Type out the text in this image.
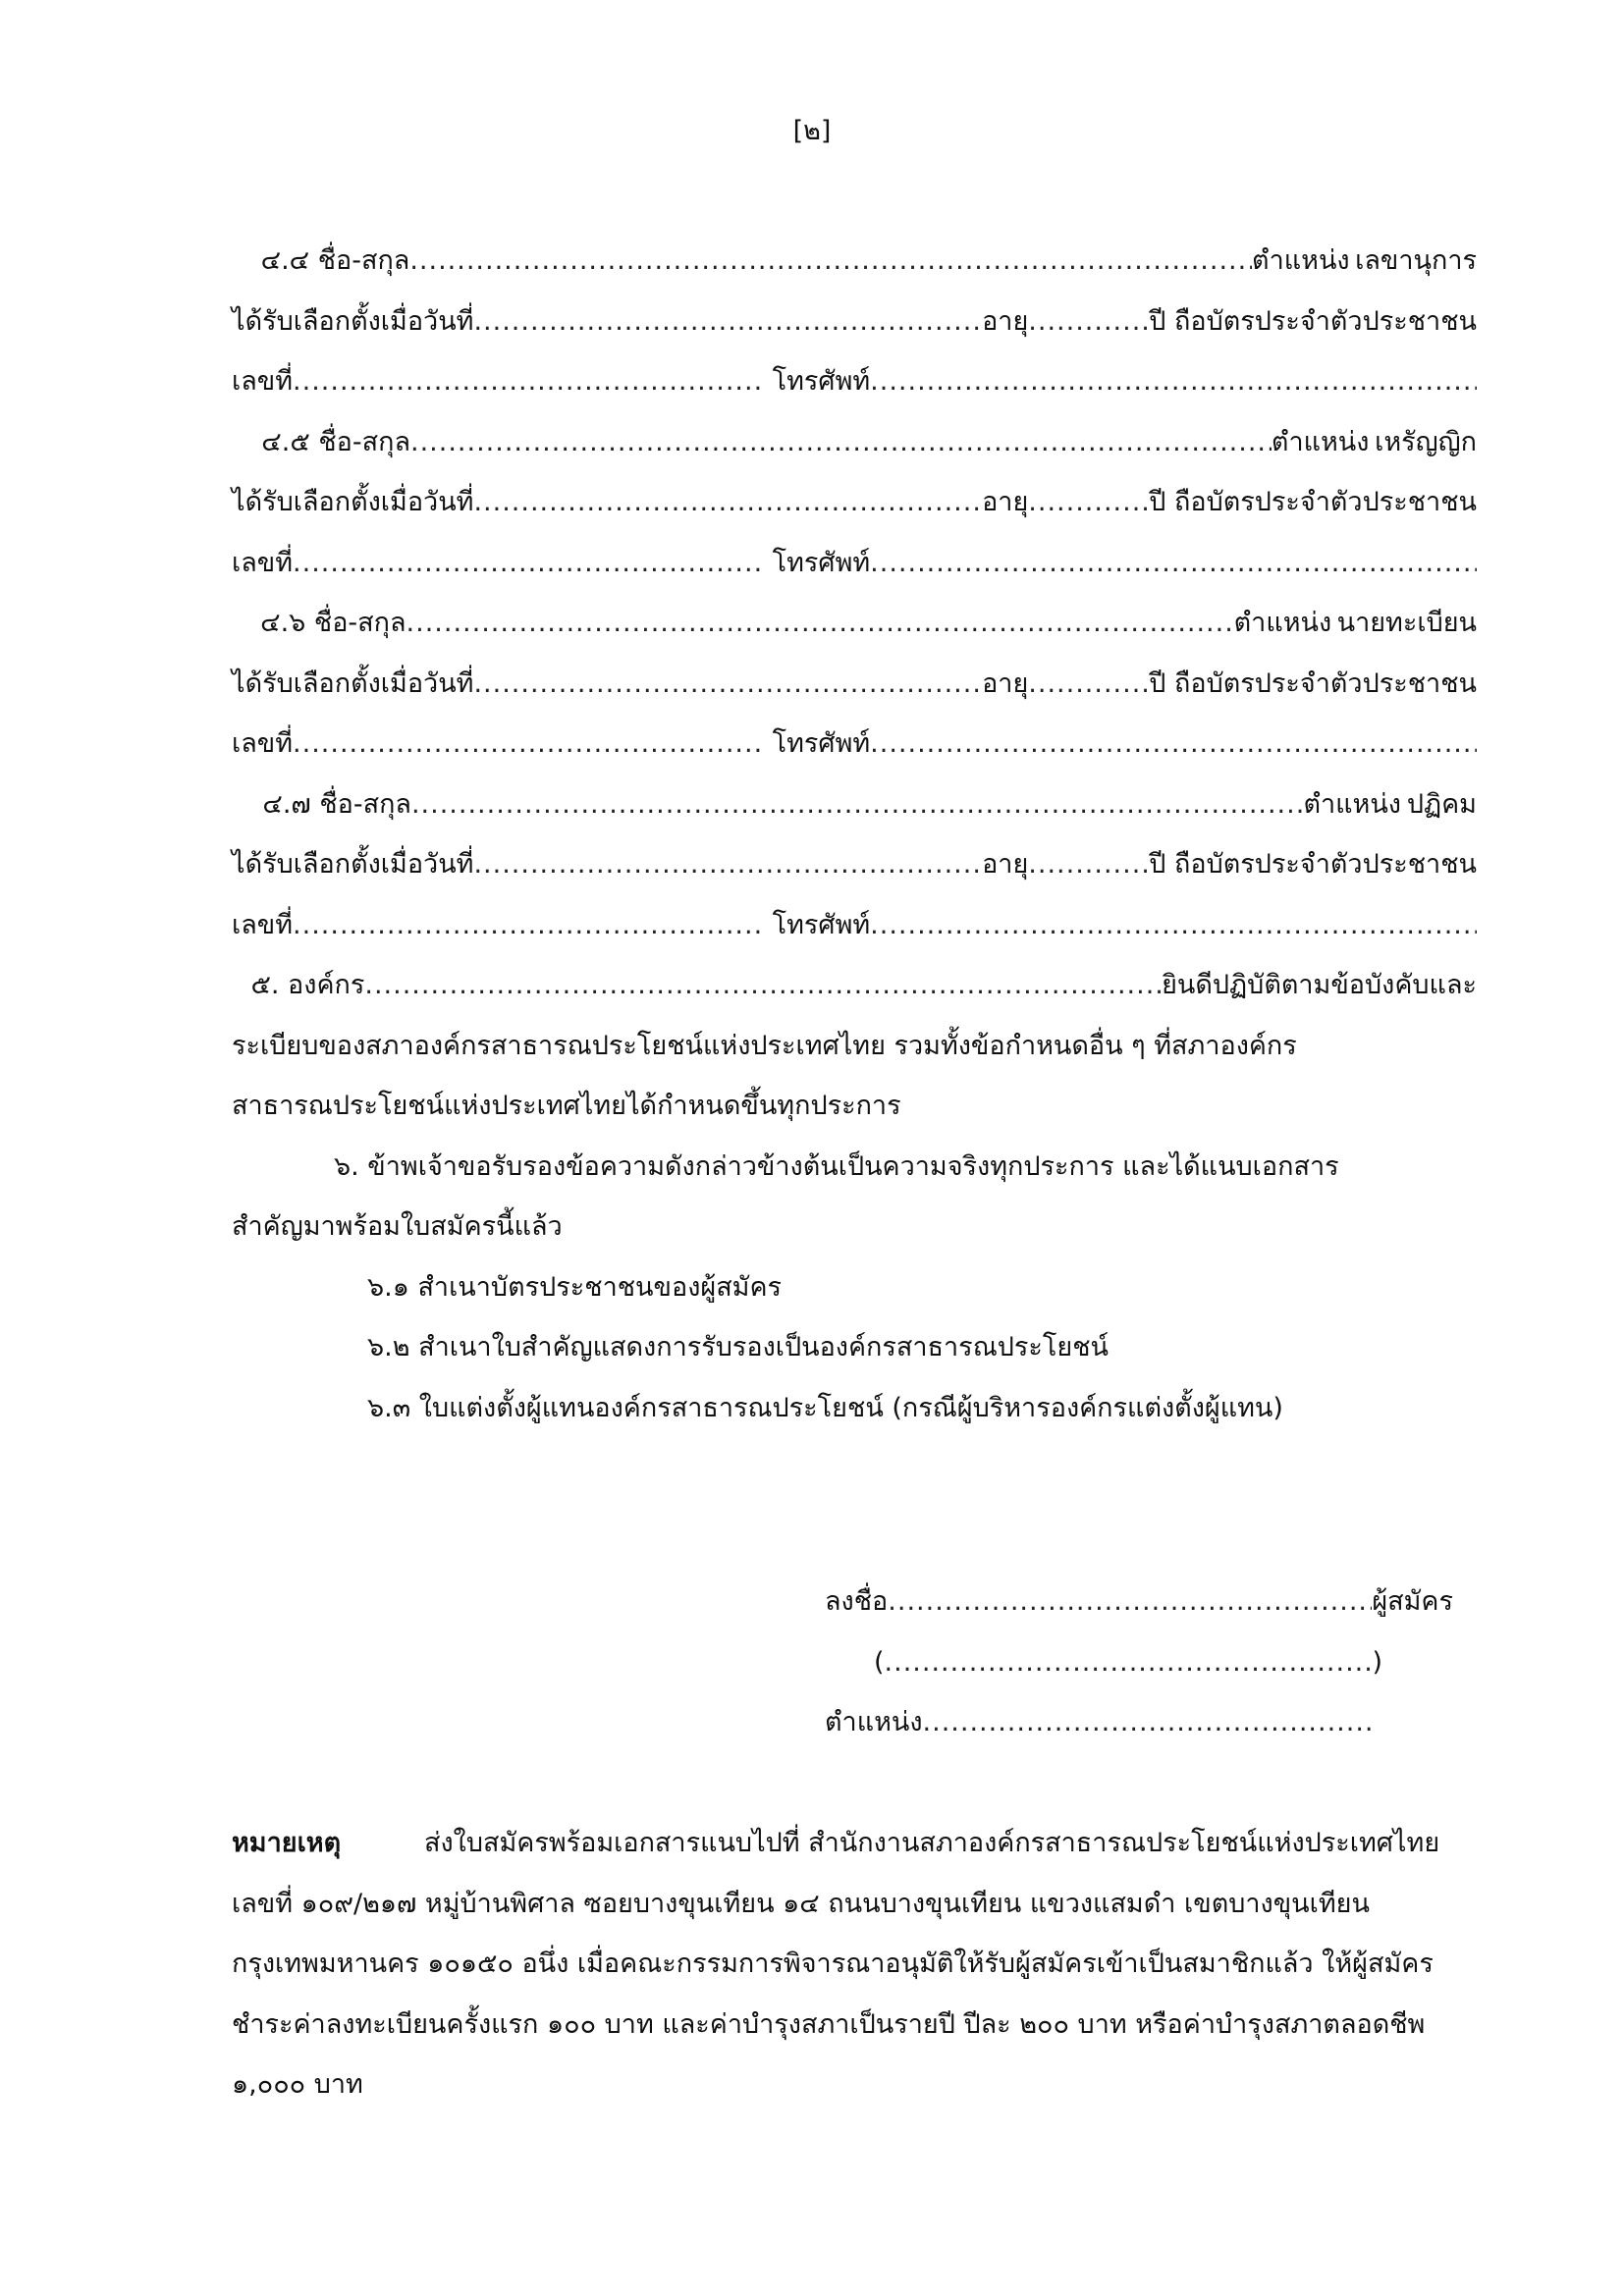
[๒]
๔.๔
ชื่อ-สกุล .....	ตำแหน่ง เลขานุการ
ได้รับเลือกตั้งเมื่อวันที่ .....	อายุ .....	ปี ถือบัตรประจำตัวประชาชน
เลขที่ .....
	โทรศัพท์
.....
๔.๕
ชื่อ-สกุล .....	ตำแหน่ง เหรัญญิก
ได้รับเลือกตั้งเมื่อวันที่ .....	อายุ .....	ปี ถือบัตรประจำตัวประชาชน
เลขที่ .....
	โทรศัพท์
.....
๔.๖
ชื่อ-สกุล .....	ตำแหน่ง นายทะเบียน
ได้รับเลือกตั้งเมื่อวันที่ .....	อายุ .....	ปี ถือบัตรประจำตัวประชาชน
เลขที่ .....
	โทรศัพท์
.....
๔.๗
ชื่อ-สกุล .....	ตำแหน่ง ปฏิคม
ได้รับเลือกตั้งเมื่อวันที่ .....	อายุ .....	ปี ถือบัตรประจำตัวประชาชน
เลขที่ .....
	โทรศัพท์
.....
๕. องค์กร .....	ยินดีปฏิบัติตามข้อบังคับและ
ระเบียบของสภาองค์กรสาธารณประโยชน์แห่งประเทศไทย รวมทั้งข้อกำหนดอื่น ๆ ที่สภาองค์กร
สาธารณประโยชน์แห่งประเทศไทยได้กำหนดขึ้นทุกประการ
๖. ข้าพเจ้าขอรับรองข้อความดังกล่าวข้างต้นเป็นความจริงทุกประการ และได้แนบเอกสาร
สำคัญมาพร้อมใบสมัครนี้แล้ว
๖.๑ สำเนาบัตรประชาชนของผู้สมัคร
๖.๒ สำเนาใบสำคัญแสดงการรับรองเป็นองค์กรสาธารณประโยชน์
๖.๓ ใบแต่งตั้งผู้แทนองค์กรสาธารณประโยชน์ (กรณีผู้บริหารองค์กรแต่งตั้งผู้แทน)
ลงชื่อ .....	ผู้สมัคร
( .....	)
ตำแหน่ง
.....
หมายเหตุ	ส่งใบสมัครพร้อมเอกสารแนบไปที่ สำนักงานสภาองค์กรสาธารณประโยชน์แห่งประเทศไทย
เลขที่ ๑๐๙/๒๑๗ หมู่บ้านพิศาล ซอยบางขุนเทียน ๑๔ ถนนบางขุนเทียน แขวงแสมดำ เขตบางขุนเทียน
กรุงเทพมหานคร ๑๐๑๕๐ อนึ่ง เมื่อคณะกรรมการพิจารณาอนุมัติให้รับผู้สมัครเข้าเป็นสมาชิกแล้ว ให้ผู้สมัคร
ชำระค่าลงทะเบียนครั้งแรก ๑๐๐ บาท และค่าบำรุงสภาเป็นรายปี ปีละ ๒๐๐ บาท หรือค่าบำรุงสภาตลอดชีพ
๑,๐๐๐ บาท
